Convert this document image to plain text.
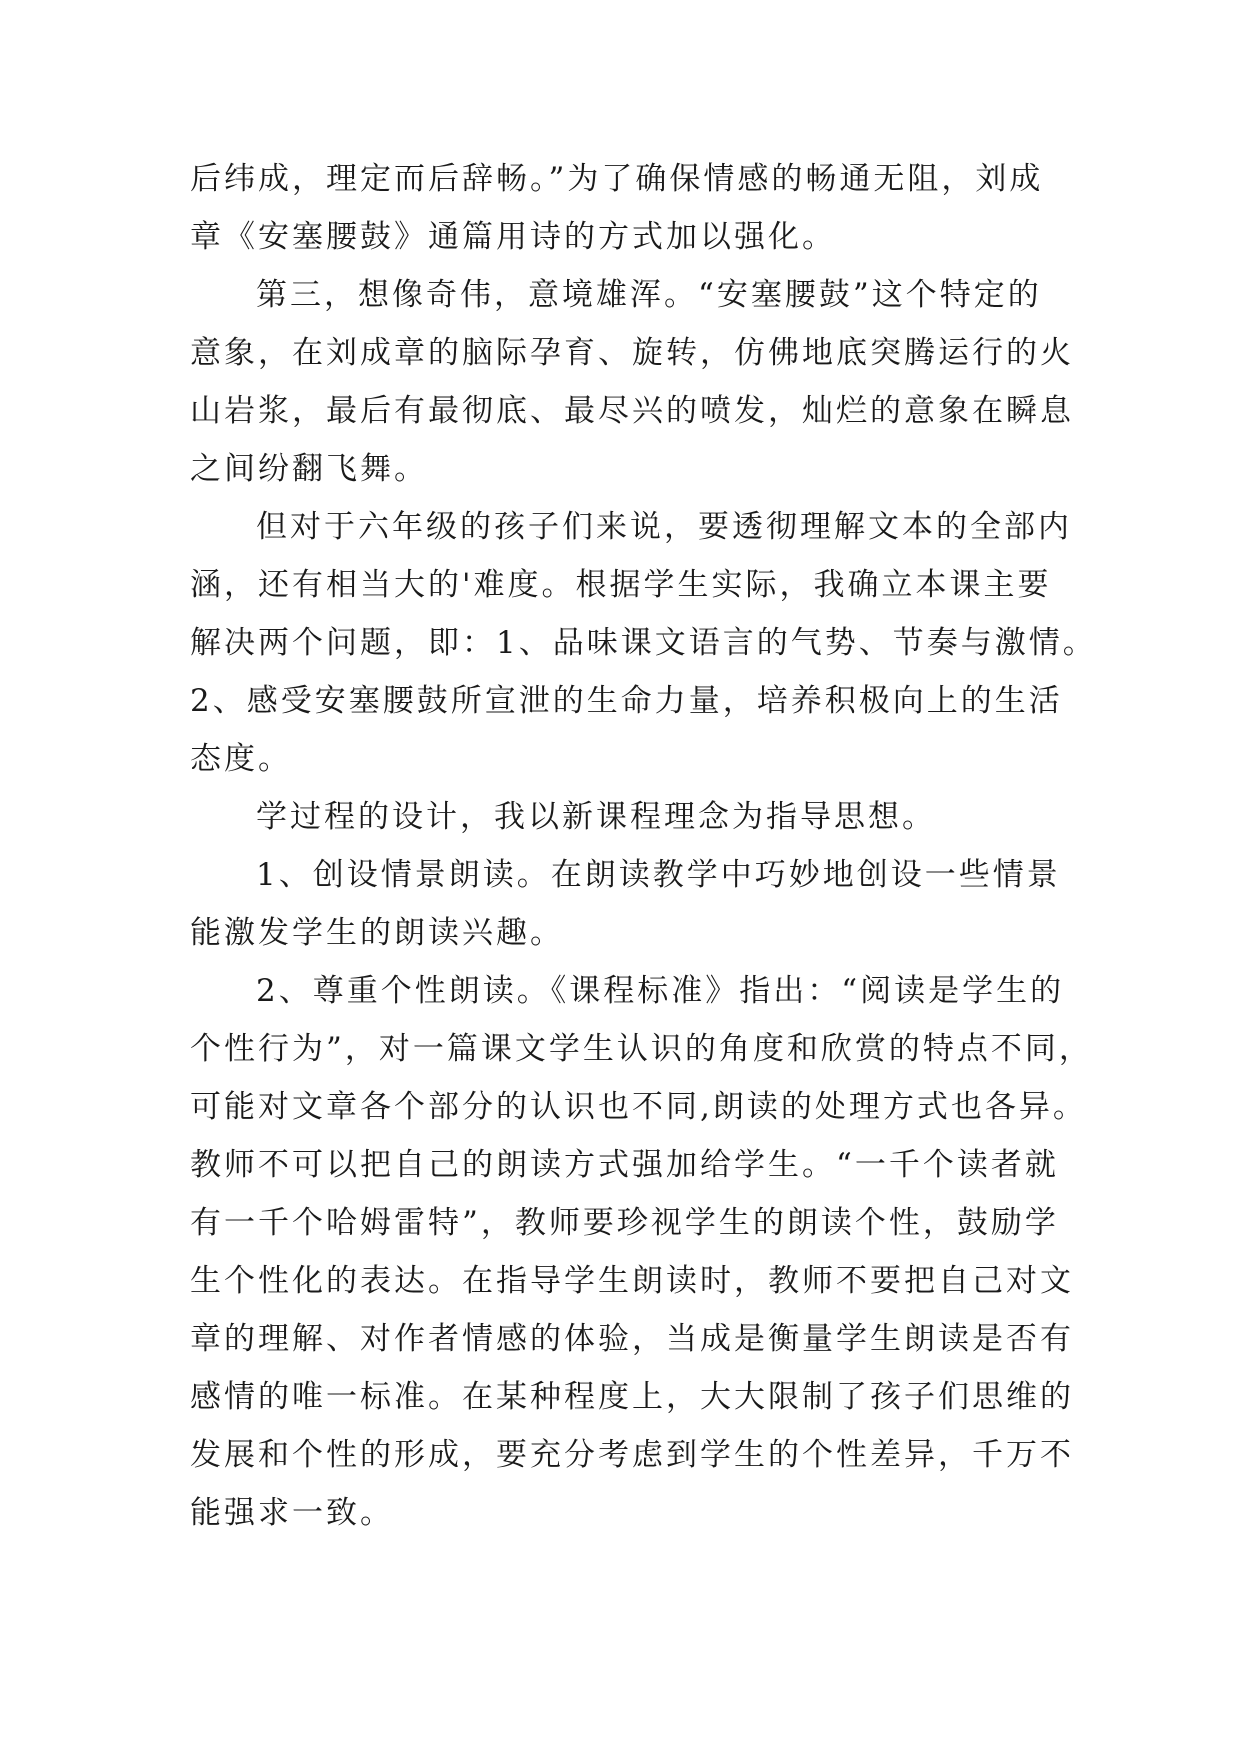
后纬成，理定而后辞畅。”为了确保情感的畅通无阻，刘成
章《安塞腰鼓》通篇用诗的方式加以强化。
第三，想像奇伟，意境雄浑。“安塞腰鼓”这个特定的
意象，在刘成章的脑际孕育、旋转，仿佛地底突腾运行的火
山岩浆，最后有最彻底、最尽兴的喷发，灿烂的意象在瞬息
之间纷翻飞舞。
但对于六年级的孩子们来说，要透彻理解文本的全部内
涵，还有相当大的'难度。根据学生实际，我确立本课主要
解决两个问题，即：1、品味课文语言的气势、节奏与激情。
2、感受安塞腰鼓所宣泄的生命力量，培养积极向上的生活
态度。
学过程的设计，我以新课程理念为指导思想。
1、创设情景朗读。在朗读教学中巧妙地创设一些情景
能激发学生的朗读兴趣。
2、尊重个性朗读。《课程标准》指出：“阅读是学生的
个性行为”，对一篇课文学生认识的角度和欣赏的特点不同，
可能对文章各个部分的认识也不同,朗读的处理方式也各异。
教师不可以把自己的朗读方式强加给学生。“一千个读者就
有一千个哈姆雷特”，教师要珍视学生的朗读个性，鼓励学
生个性化的表达。在指导学生朗读时，教师不要把自己对文
章的理解、对作者情感的体验，当成是衡量学生朗读是否有
感情的唯一标准。在某种程度上，大大限制了孩子们思维的
发展和个性的形成，要充分考虑到学生的个性差异，千万不
能强求一致。
